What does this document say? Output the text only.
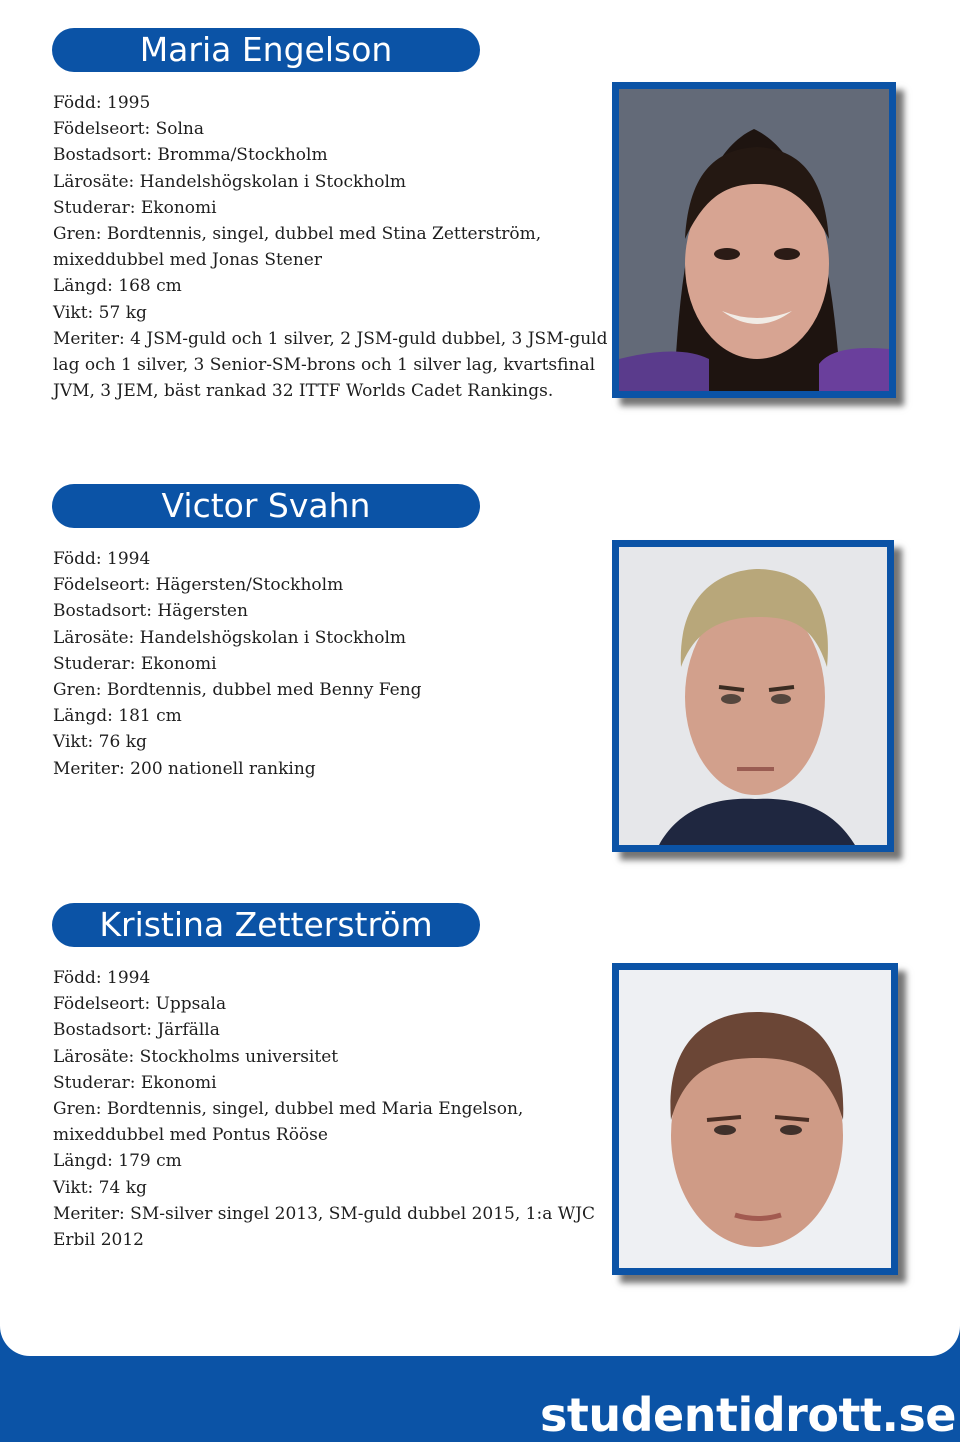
Maria Engelson
Född: 1995
Födelseort: Solna
Bostadsort: Bromma/Stockholm
Lärosäte: Handelshögskolan i Stockholm
Studerar: Ekonomi
Gren: Bordtennis, singel, dubbel med Stina Zetterström,
mixeddubbel med Jonas Stener
Längd: 168 cm
Vikt: 57 kg
Meriter: 4 JSM-guld och 1 silver, 2 JSM-guld dubbel, 3 JSM-guld
lag och 1 silver, 3 Senior-SM-brons och 1 silver lag, kvartsfinal
JVM, 3 JEM, bäst rankad 32 ITTF Worlds Cadet Rankings.
Victor Svahn
Född: 1994
Födelseort: Hägersten/Stockholm
Bostadsort: Hägersten
Lärosäte: Handelshögskolan i Stockholm
Studerar: Ekonomi
Gren: Bordtennis, dubbel med Benny Feng
Längd: 181 cm
Vikt: 76 kg
Meriter: 200 nationell ranking
Kristina Zetterström
Född: 1994
Födelseort: Uppsala
Bostadsort: Järfälla
Lärosäte: Stockholms universitet
Studerar: Ekonomi
Gren: Bordtennis, singel, dubbel med Maria Engelson,
mixeddubbel med Pontus Rööse
Längd: 179 cm
Vikt: 74 kg
Meriter: SM-silver singel 2013, SM-guld dubbel 2015, 1:a WJC
Erbil 2012
studentidrott.se
